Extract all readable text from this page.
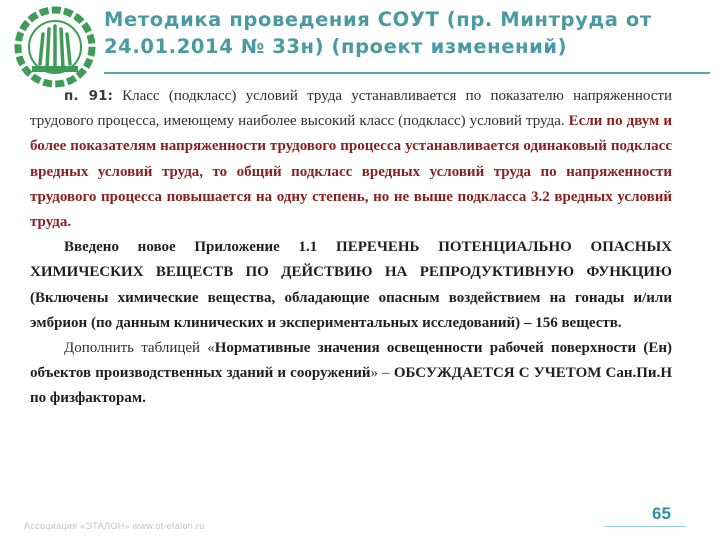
Методика проведения СОУТ (пр. Минтруда от
24.01.2014 № 33н) (проект изменений)

п. 91: Класс (подкласс) условий труда устанавливается по показателю напряженности трудового процесса, имеющему наиболее высокий класс (подкласс) условий труда. Если по двум и более показателям напряженности трудового процесса устанавливается одинаковый подкласс вредных условий труда, то общий подкласс вредных условий труда по напряженности трудового процесса повышается на одну степень, но не выше подкласса 3.2 вредных условий труда.

Введено новое Приложение 1.1 ПЕРЕЧЕНЬ ПОТЕНЦИАЛЬНО ОПАСНЫХ ХИМИЧЕСКИХ ВЕЩЕСТВ ПО ДЕЙСТВИЮ НА РЕПРОДУКТИВНУЮ ФУНКЦИЮ (Включены химические вещества, обладающие опасным воздействием на гонады и/или эмбрион (по данным клинических и экспериментальных исследований) – 156 веществ.

Дополнить таблицей «Нормативные значения освещенности рабочей поверхности (Ен) объектов производственных зданий и сооружений» – ОБСУЖДАЕТСЯ С УЧЕТОМ Сан.Пи.Н по физфакторам.

Ассоциация «ЭТАЛОН» www.ot-etalon.ru
65
